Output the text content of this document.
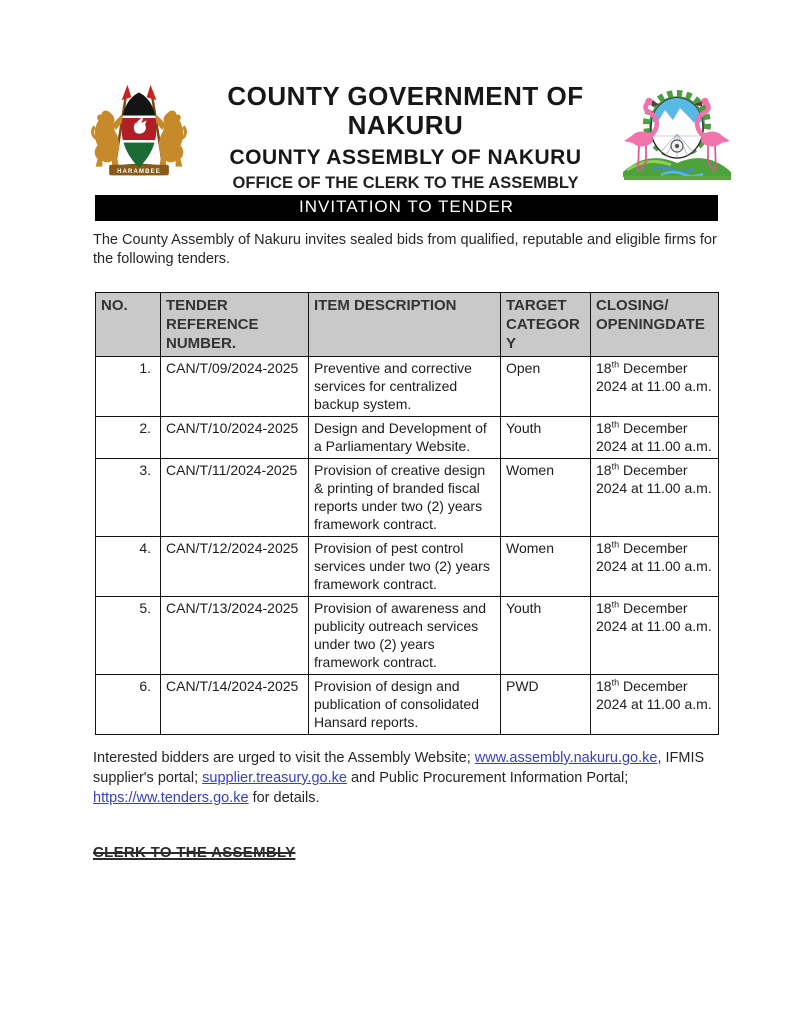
HARAMBEE
COUNTY GOVERNMENT OF
NAKURU
COUNTY ASSEMBLY OF NAKURU
OFFICE OF THE CLERK TO THE ASSEMBLY
INVITATION TO TENDER

The County Assembly of Nakuru invites sealed bids from qualified, reputable and eligible firms for the following tenders.

NO.	TENDER REFERENCE NUMBER.	ITEM DESCRIPTION	TARGET CATEGORY	CLOSING/ OPENINGDATE
1.	CAN/T/09/2024-2025	Preventive and corrective services for centralized backup system.	Open	18th December 2024 at 11.00 a.m.
2.	CAN/T/10/2024-2025	Design and Development of a Parliamentary Website.	Youth	18th December 2024 at 11.00 a.m.
3.	CAN/T/11/2024-2025	Provision of creative design & printing of branded fiscal reports under two (2) years framework contract.	Women	18th December 2024 at 11.00 a.m.
4.	CAN/T/12/2024-2025	Provision of pest control services under two (2) years framework contract.	Women	18th December 2024 at 11.00 a.m.
5.	CAN/T/13/2024-2025	Provision of awareness and publicity outreach services under two (2) years framework contract.	Youth	18th December 2024 at 11.00 a.m.
6.	CAN/T/14/2024-2025	Provision of design and publication of consolidated Hansard reports.	PWD	18th December 2024 at 11.00 a.m.

Interested bidders are urged to visit the Assembly Website; www.assembly.nakuru.go.ke, IFMIS supplier's portal; supplier.treasury.go.ke and Public Procurement Information Portal; https://ww.tenders.go.ke for details.

CLERK TO THE ASSEMBLY
